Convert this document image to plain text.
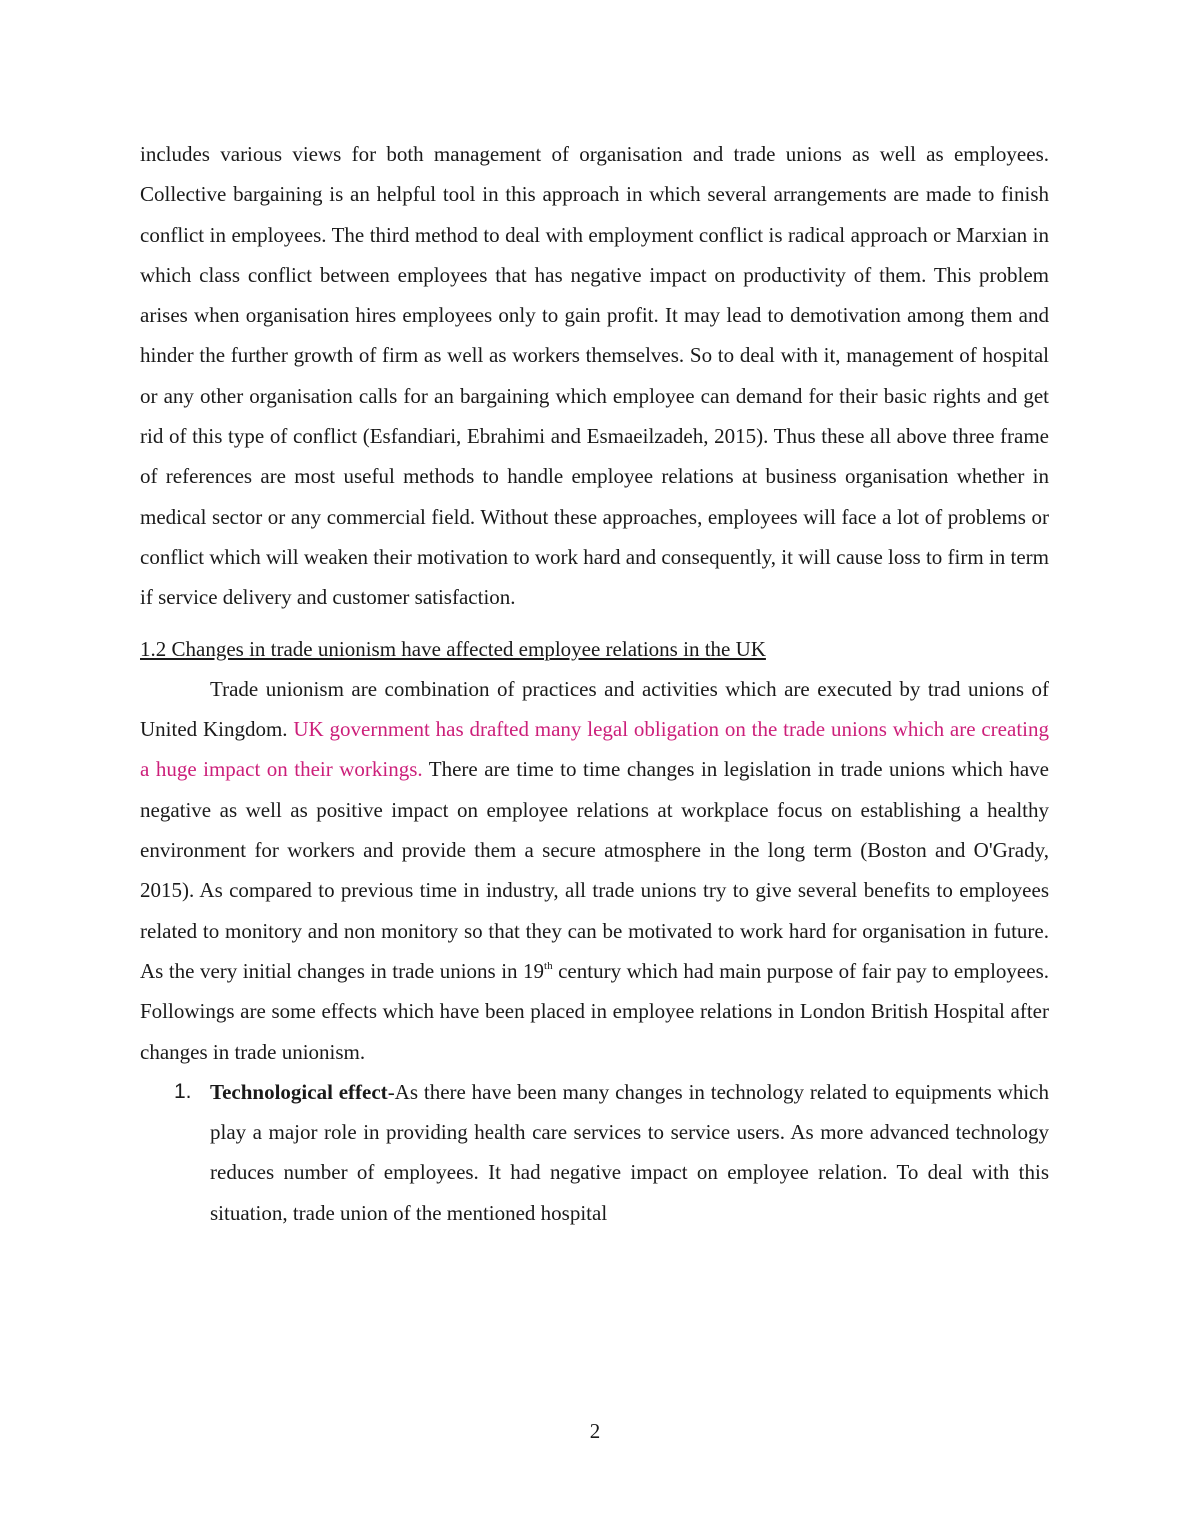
includes various views for both management of organisation and trade unions as well as employees. Collective bargaining is an helpful tool in this approach in which several arrangements are made to finish conflict in employees. The third method to deal with employment conflict is radical approach or Marxian in which class conflict between employees that has negative impact on productivity of them. This problem arises when organisation hires employees only to gain profit. It may lead to demotivation among them and hinder the further growth of firm as well as workers themselves. So to deal with it, management of hospital or any other organisation calls for an bargaining which employee can demand for their basic rights and get rid of this type of conflict (Esfandiari, Ebrahimi and Esmaeilzadeh, 2015). Thus these all above three frame of references are most useful methods to handle employee relations at business organisation whether in medical sector or any commercial field. Without these approaches, employees will face a lot of problems or conflict which will weaken their motivation to work hard and consequently, it will cause loss to firm in term if service delivery and customer satisfaction.

1.2 Changes in trade unionism have affected employee relations in the UK

Trade unionism are combination of practices and activities which are executed by trad unions of United Kingdom. UK government has drafted many legal obligation on the trade unions which are creating a huge impact on their workings. There are time to time changes in legislation in trade unions which have negative as well as positive impact on employee relations at workplace focus on establishing a healthy environment for workers and provide them a secure atmosphere in the long term (Boston and O'Grady, 2015). As compared to previous time in industry, all trade unions try to give several benefits to employees related to monitory and non monitory so that they can be motivated to work hard for organisation in future. As the very initial changes in trade unions in 19th century which had main purpose of fair pay to employees. Followings are some effects which have been placed in employee relations in London British Hospital after changes in trade unionism.

1. Technological effect-As there have been many changes in technology related to equipments which play a major role in providing health care services to service users. As more advanced technology reduces number of employees. It had negative impact on employee relation. To deal with this situation, trade union of the mentioned hospital

2
